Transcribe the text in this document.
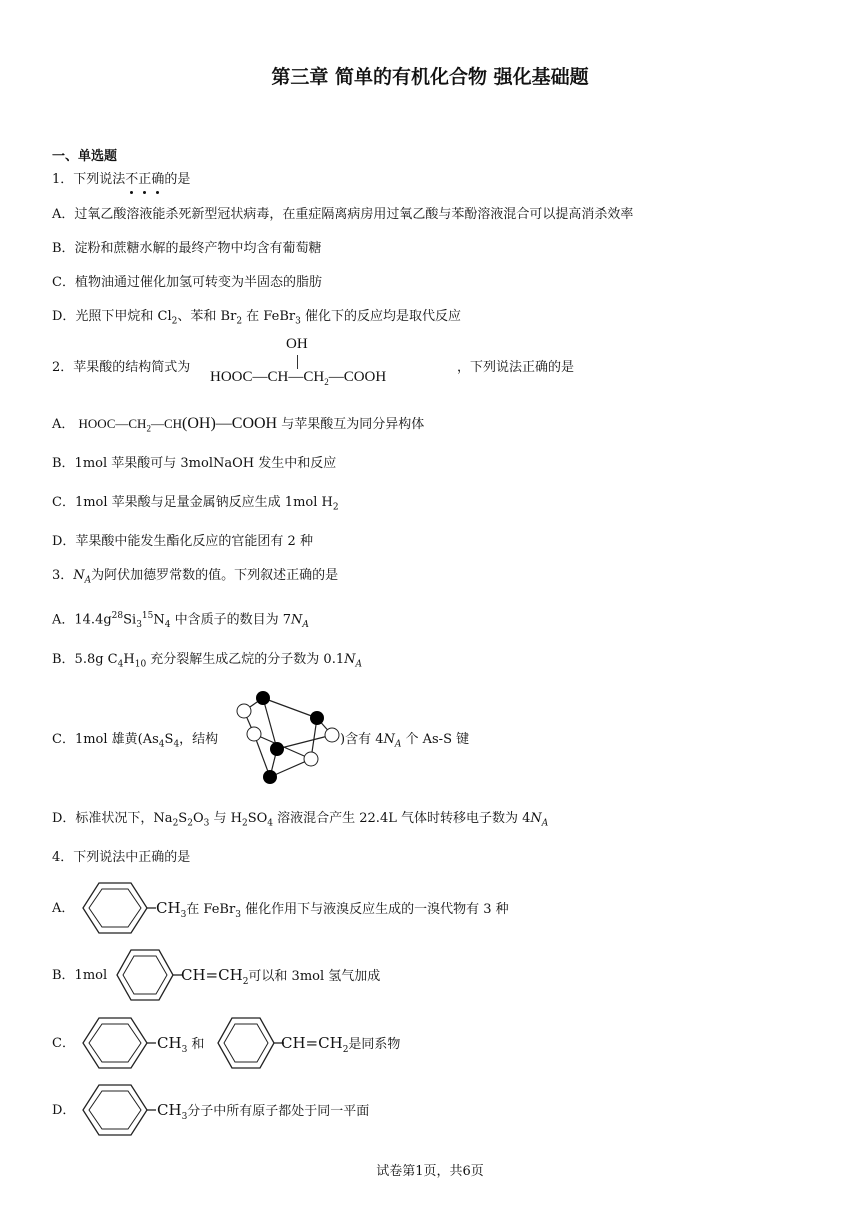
第三章 简单的有机化合物 强化基础题
一、单选题
1．下列说法不正确的是
A．过氧乙酸溶液能杀死新型冠状病毒，在重症隔离病房用过氧乙酸与苯酚溶液混合可以提高消杀效率
B．淀粉和蔗糖水解的最终产物中均含有葡萄糖
C．植物油通过催化加氢可转变为半固态的脂肪
D．光照下甲烷和 $Cl_2$、苯和 $Br_2$ 在 FeBr$_3$ 催化下的反应均是取代反应
2．苹果酸的结构简式为	，下列说法正确的是
OH
$HOOC—CH—CH_2—COOH$
A． $HOOC—CH_2—CH(OH)—COOH$ 与苹果酸互为同分异构体
B．1mol 苹果酸可与 3molNaOH 发生中和反应
C．1mol 苹果酸与足量金属钠反应生成 1mol $H_2$
D．苹果酸中能发生酯化反应的官能团有 2 种
3．$N_A$为阿伏加德罗常数的值。下列叙述正确的是
A．$14.4g^{28}Si_3^{15}N_4$ 中含质子的数目为 $7N_A$
B．5.8g $C_4H_{10}$ 充分裂解生成乙烷的分子数为 $0.1N_A$
C．1mol 雄黄($As_4S_4$，结构	)含有 $4N_A$ 个 As-S 键
D．标准状况下，$Na_2S_2O_3$ 与 $H_2SO_4$ 溶液混合产生 22.4L 气体时转移电子数为 $4N_A$
4．下列说法中正确的是
A．	$CH_3$在 FeBr$_3$ 催化作用下与液溴反应生成的一溴代物有 3 种
B．1mol	$CH=CH_2$可以和 3mol 氢气加成
C．	$CH_3$ 和	$CH=CH_2$是同系物
D．	$CH_3$分子中所有原子都处于同一平面
试卷第1页，共6页
